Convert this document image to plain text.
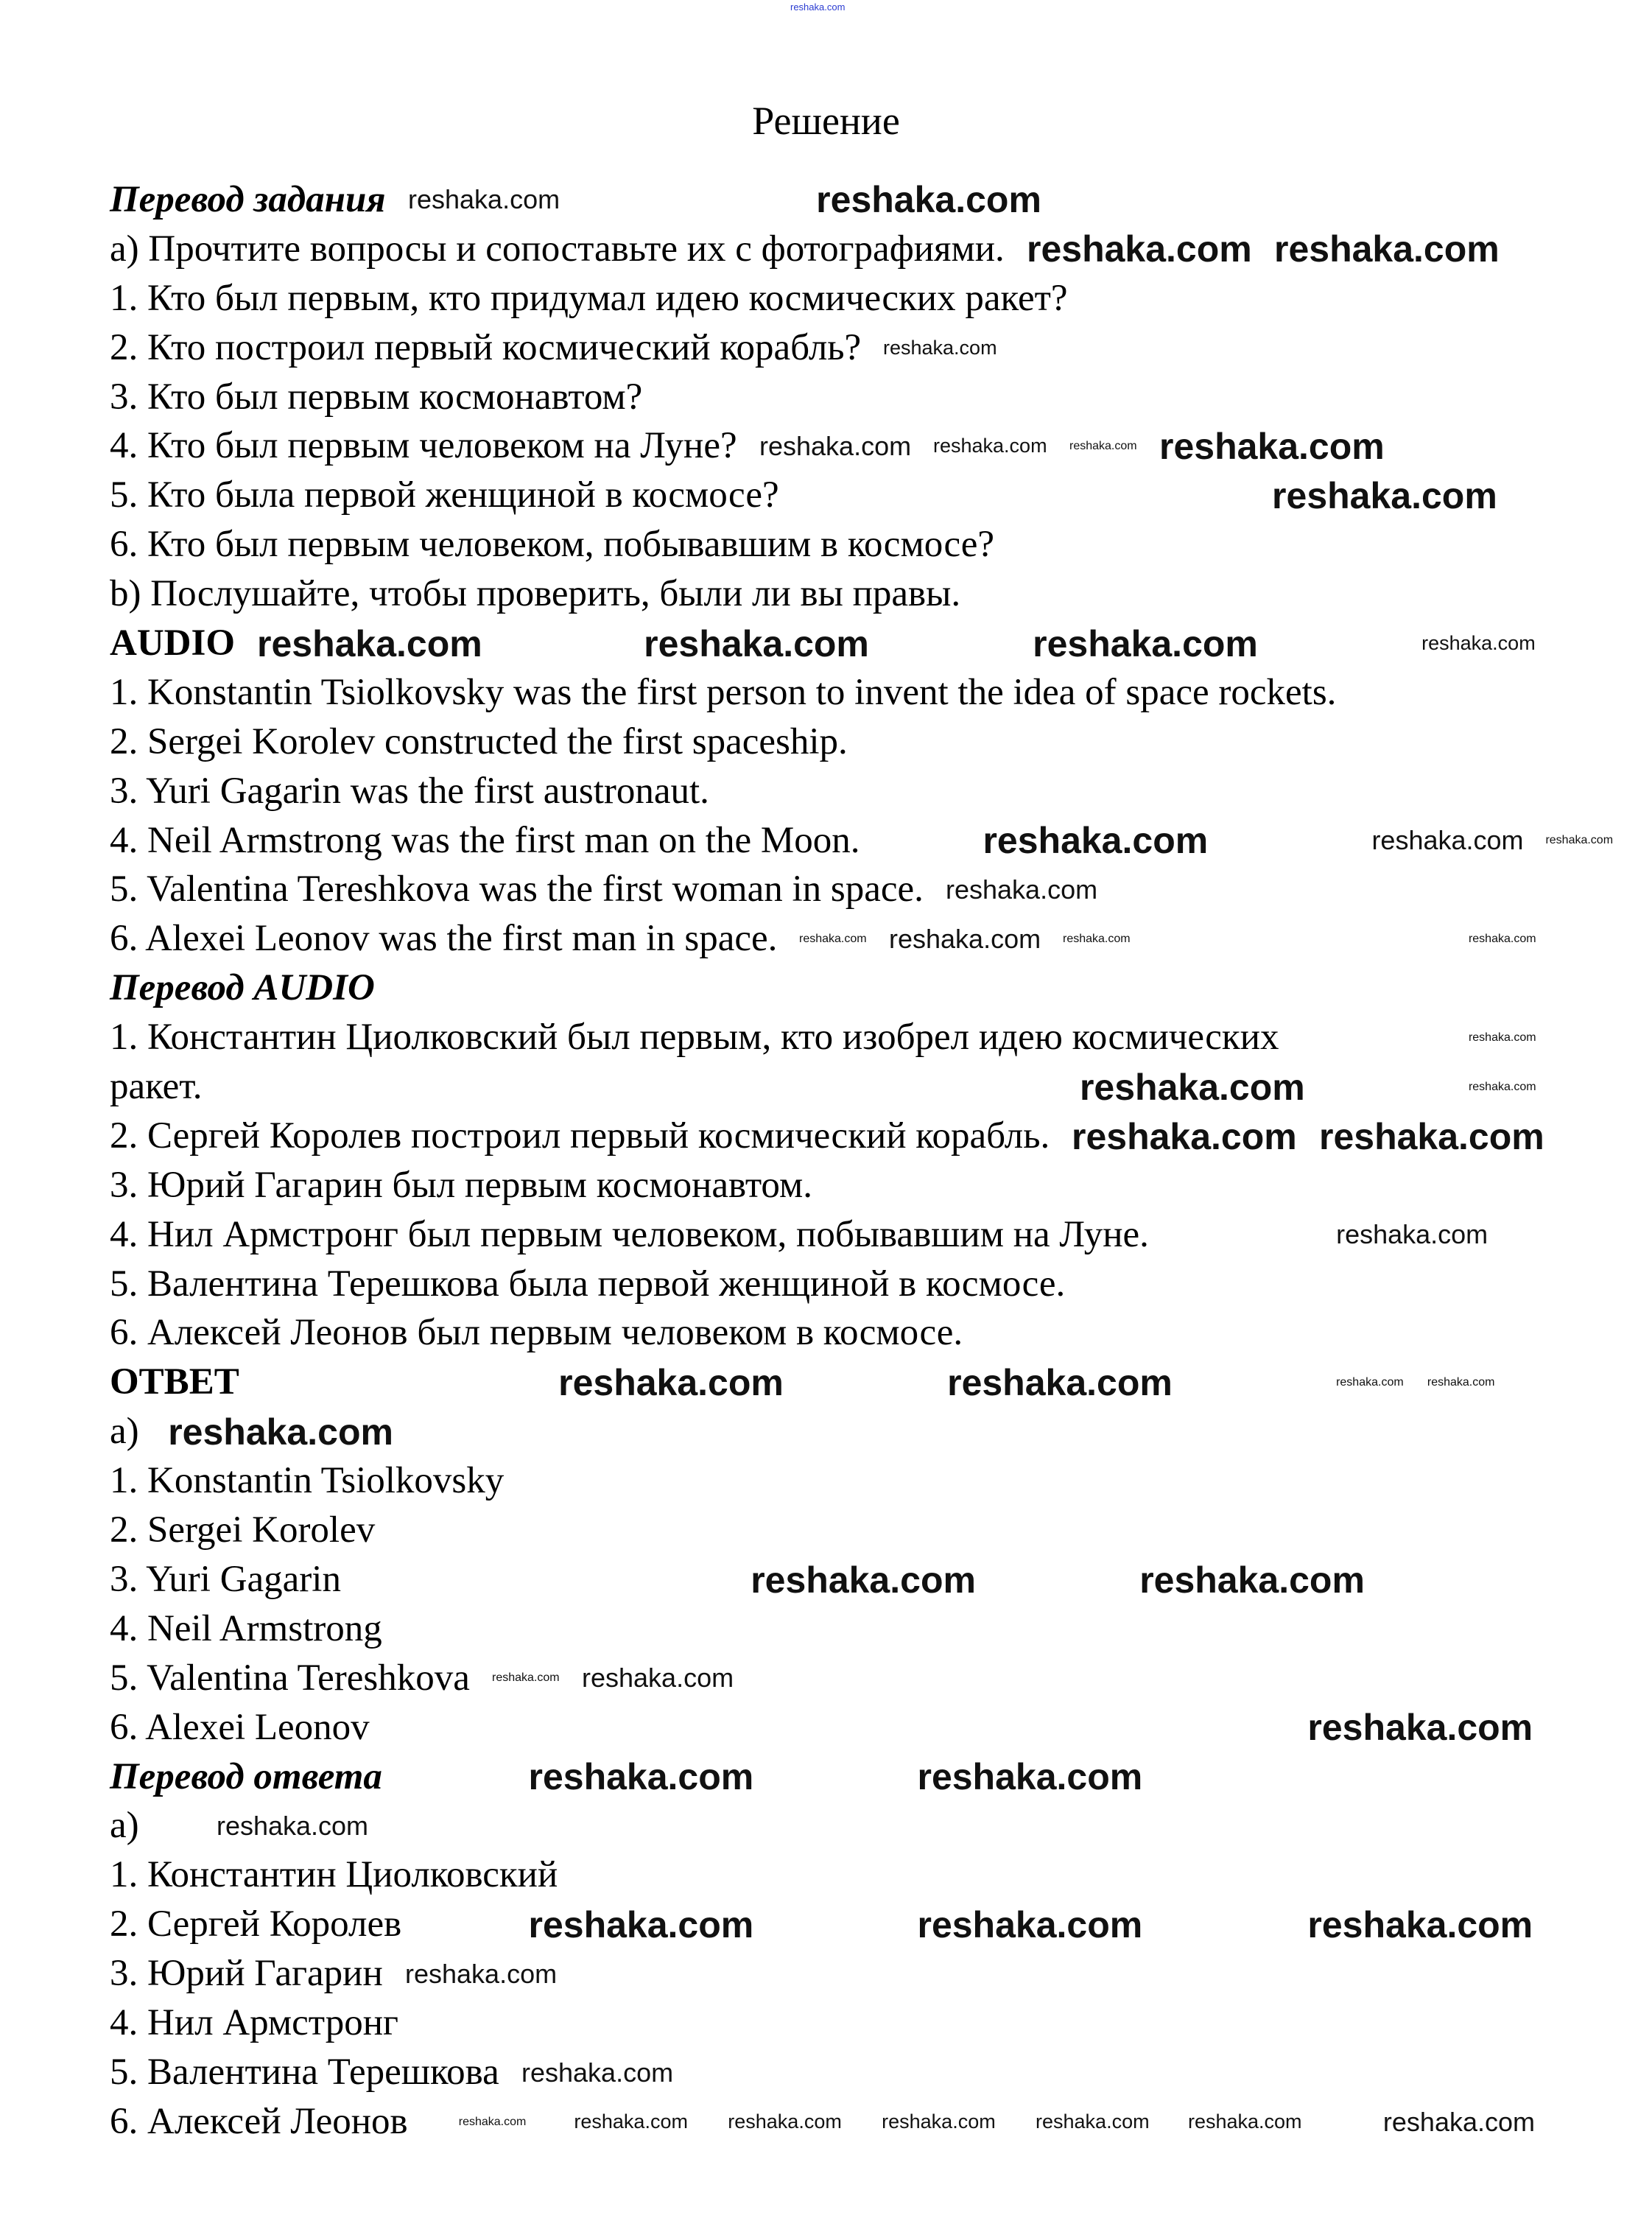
reshaka.com
Решение
Перевод задания
a) Прочтите вопросы и сопоставьте их с фотографиями.
1. Кто был первым, кто придумал идею космических ракет?
2. Кто построил первый космический корабль?
3. Кто был первым космонавтом?
4. Кто был первым человеком на Луне?
5. Кто была первой женщиной в космосе?
6. Кто был первым человеком, побывавшим в космосе?
b) Послушайте, чтобы проверить, были ли вы правы.
AUDIO
1. Konstantin Tsiolkovsky was the first person to invent the idea of space rockets.
2. Sergei Korolev constructed the first spaceship.
3. Yuri Gagarin was the first austronaut.
4. Neil Armstrong was the first man on the Moon.
5. Valentina Tereshkova was the first woman in space.
6. Alexei Leonov was the first man in space.
Перевод AUDIO
1. Константин Циолковский был первым, кто изобрел идею космических
ракет.
2. Сергей Королев построил первый космический корабль.
3. Юрий Гагарин был первым космонавтом.
4. Нил Армстронг был первым человеком, побывавшим на Луне.
5. Валентина Терешкова была первой женщиной в космосе.
6. Алексей Леонов был первым человеком в космосе.
ОТВЕТ
a)
1. Konstantin Tsiolkovsky
2. Sergei Korolev
3. Yuri Gagarin
4. Neil Armstrong
5. Valentina Tereshkova
6. Alexei Leonov
Перевод ответа
a)
1. Константин Циолковский
2. Сергей Королев
3. Юрий Гагарин
4. Нил Армстронг
5. Валентина Терешкова
6. Алексей Леонов
reshaka.com
reshaka.com
reshaka.com
reshaka.com
reshaka.com
reshaka.com reshaka.com reshaka.com reshaka.com
reshaka.com
reshaka.com	reshaka.com	reshaka.com	reshaka.com
reshaka.com	reshaka.com
reshaka.com
reshaka.com
reshaka.com reshaka.com reshaka.com	reshaka.com
reshaka.com
reshaka.com	reshaka.com
reshaka.com reshaka.com
reshaka.com
reshaka.com	reshaka.com	reshaka.com reshaka.com
reshaka.com
reshaka.com	reshaka.com
reshaka.com reshaka.com
reshaka.com	reshaka.com
reshaka.com
reshaka.com
reshaka.com
reshaka.com	reshaka.com	reshaka.com
reshaka.com
reshaka.com reshaka.com reshaka.com reshaka.com reshaka.com reshaka.com	reshaka.com
